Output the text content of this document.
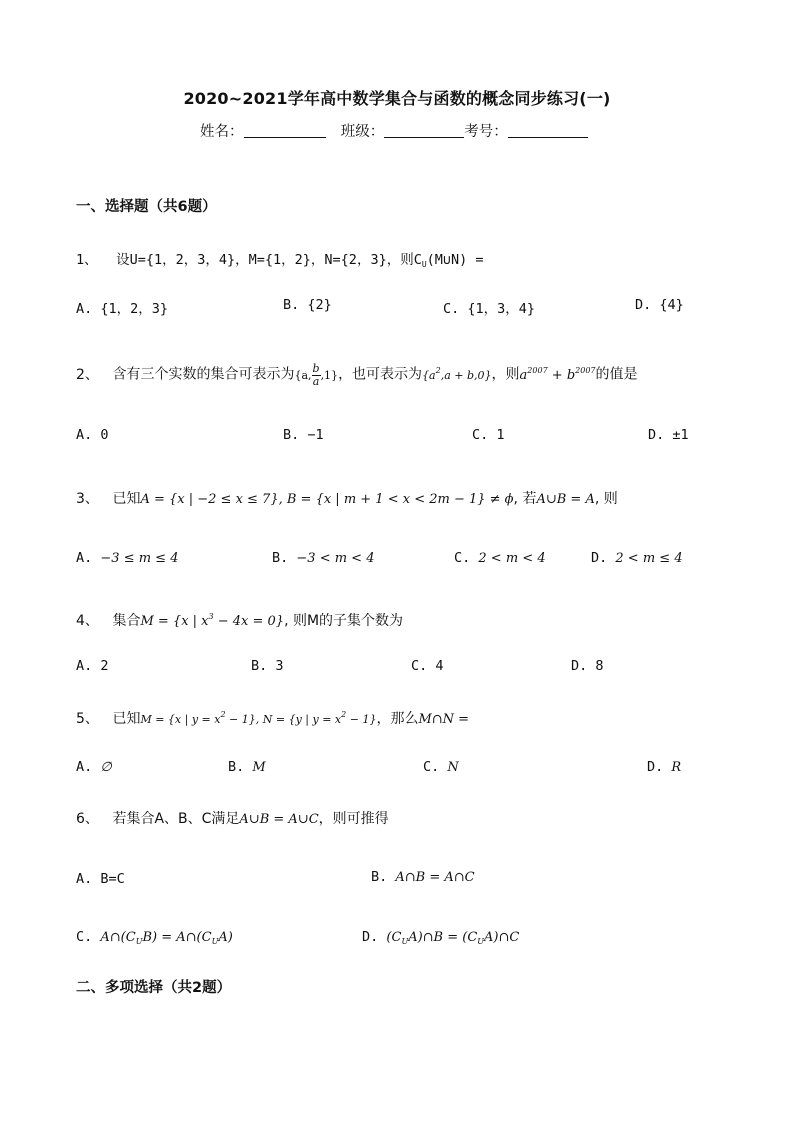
2020~2021学年高中数学集合与函数的概念同步练习(一)
姓名：	班级：	考号：
一、选择题（共6题）
1、 设U={1，2，3，4}，M={1，2}，N={2，3}，则$C_U(M\cup N)$ =
A. {1，2，3}	B. {2}	C. {1，3，4}	D. {4}
2、 含有三个实数的集合可表示为{a, $\frac{b}{a} ,1$}，也可表示为$\{a^2,a + b,0\}$，则$a^{2007} + b^{2007}$的值是
A. 0	B. −1	C. 1	D. ±1
3、 已知A = {x | −2 ≤ x ≤ 7}, B = {x | m + 1 < x < 2m − 1} ≠ ϕ, 若A∪B = A, 则
A. −3 ≤ m ≤ 4	B. −3 < m < 4	C. 2 < m < 4	D. 2 < m ≤ 4
4、 集合M = {x | $x^3 - 4x = 0$}, 则M的子集个数为
A. 2	B. 3	C. 4	D. 8
5、 已知M = {x | $y = x^2 - 1$}, N = {y | $y = x^2 - 1$}，那么M∩N =
A. ∅	B. M	C. N	D. R
6、 若集合A、B、C满足A∪B = A∪C，则可推得
A. B=C	B. A∩B = A∩C
C. $A\cap(C_UB)$ = $A\cap(C_UA)$	D. $(C_UA)\cap B$ = $(C_UA)\cap C$
二、多项选择（共2题）
